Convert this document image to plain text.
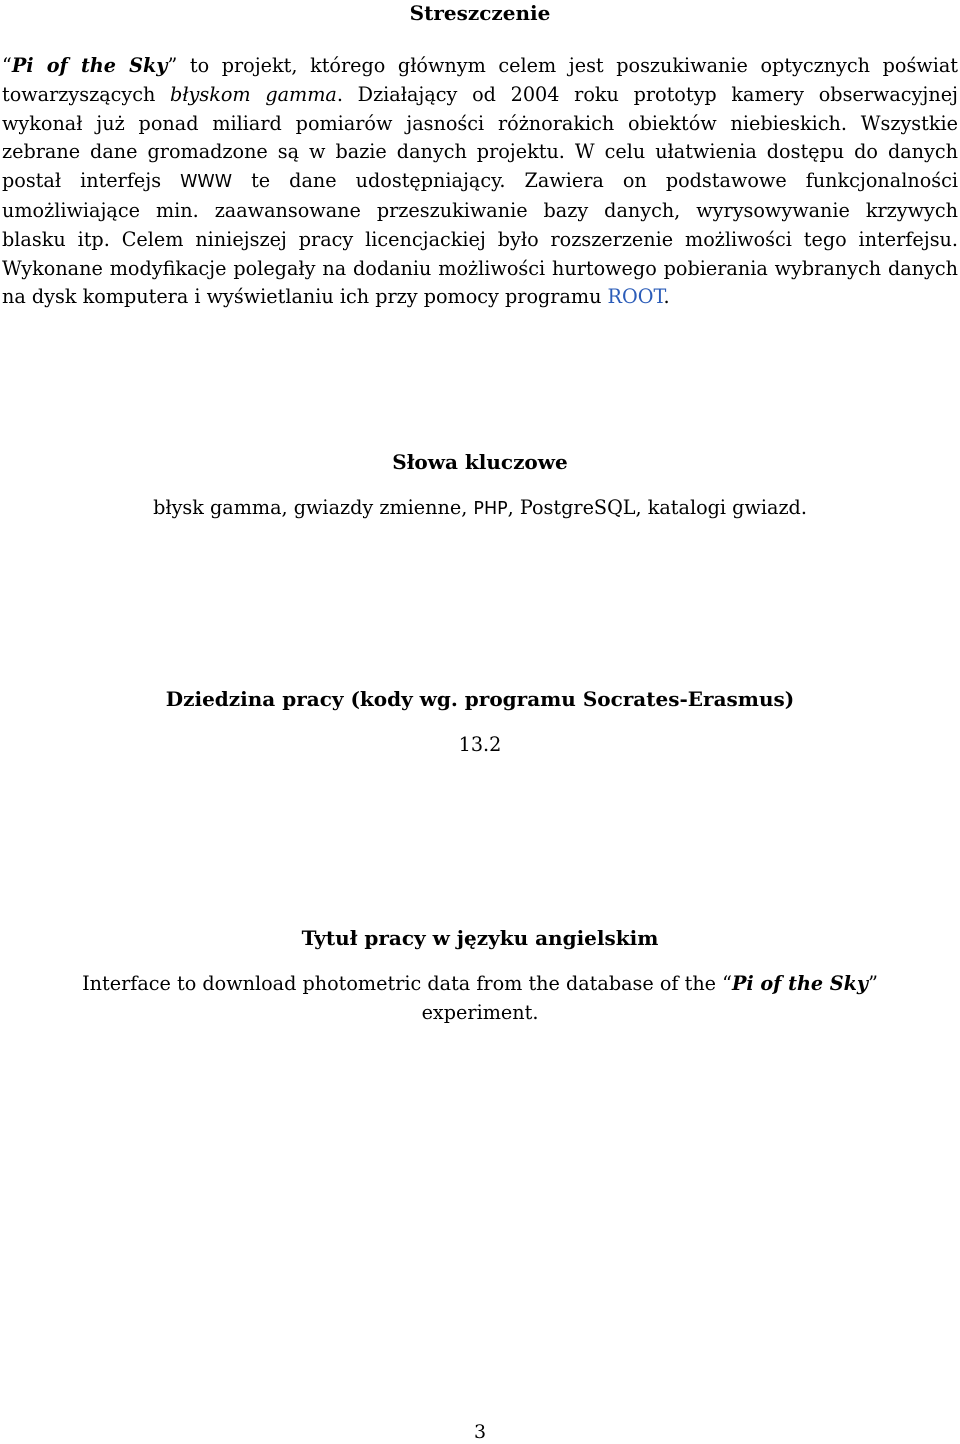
Streszczenie

“Pi of the Sky” to projekt, którego głównym celem jest poszukiwanie optycznych poświat towarzyszących błyskom gamma. Działający od 2004 roku prototyp kamery obserwacyjnej wykonał już ponad miliard pomiarów jasności różnorakich obiektów niebieskich. Wszystkie zebrane dane gromadzone są w bazie danych projektu. W celu ułatwienia dostępu do danych postał interfejs WWW te dane udostępniający. Zawiera on podstawowe funkcjonalności umożliwiające min. zaawansowane przeszukiwanie bazy danych, wyrysowywanie krzywych blasku itp. Celem niniejszej pracy licencjackiej było rozszerzenie możliwości tego interfejsu. Wykonane modyfikacje polegały na dodaniu możliwości hurtowego pobierania wybranych danych na dysk komputera i wyświetlaniu ich przy pomocy programu ROOT.

Słowa kluczowe

błysk gamma, gwiazdy zmienne, PHP, PostgreSQL, katalogi gwiazd.

Dziedzina pracy (kody wg. programu Socrates-Erasmus)

13.2

Tytuł pracy w języku angielskim

Interface to download photometric data from the database of the “Pi of the Sky”

experiment.

3
